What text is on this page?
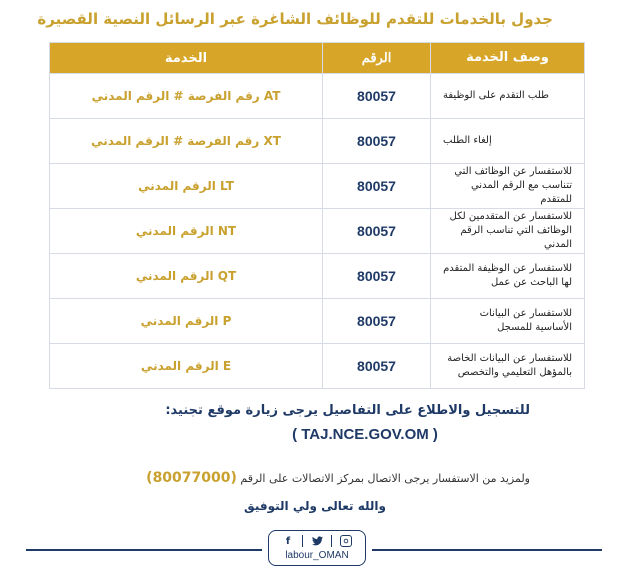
جدول بالخدمات للتقدم للوظائف الشاغرة عبر الرسائل النصية القصيرة
وصف الخدمة
الرقم
الخدمة
طلب التقدم على الوظيفة
80057
AT رقم الفرصة # الرقم المدني
إلغاء الطلب
80057
XT رقم الفرصة # الرقم المدني
للاستفسار عن الوظائف التي تتناسب مع الرقم المدني للمتقدم
80057
LT الرقم المدني
للاستفسار عن المتقدمين لكل الوظائف التي تناسب الرقم المدني
80057
NT الرقم المدني
للاستفسار عن الوظيفة المتقدم لها الباحث عن عمل
80057
QT الرقم المدني
للاستفسار عن البيانات الأساسية للمسجل
80057
P الرقم المدني
للاستفسار عن البيانات الخاصة بالمؤهل التعليمي والتخصص
80057
E الرقم المدني
للتسجيل والاطلاع على التفاصيل يرجى زيارة موقع تجنيد:
( TAJ.NCE.GOV.OM )
ولمزيد من الاستفسار يرجى الاتصال بمركز الاتصالات على الرقم (80077000)
والله تعالى ولي التوفيق
f
labour_OMAN
